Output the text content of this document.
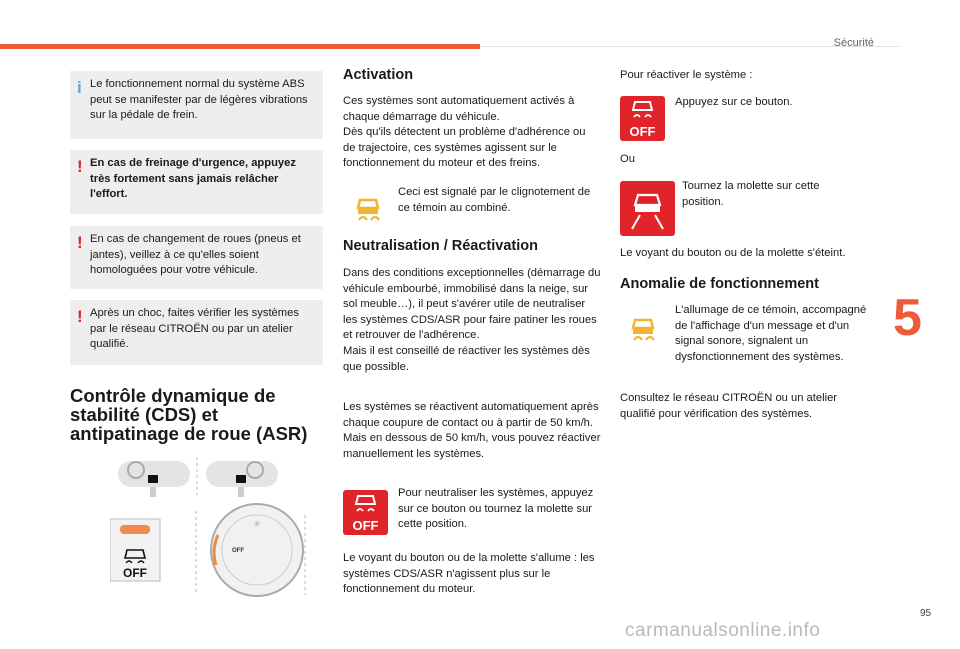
Sécurité
i Le fonctionnement normal du système ABS peut se manifester par de légères vibrations sur la pédale de frein.
! En cas de freinage d'urgence, appuyez très fortement sans jamais relâcher l'effort.
! En cas de changement de roues (pneus et jantes), veillez à ce qu'elles soient homologuées pour votre véhicule.
! Après un choc, faites vérifier les systèmes par le réseau CITROËN ou par un atelier qualifié.
Contrôle dynamique de stabilité (CDS) et antipatinage de roue (ASR)
OFF
OFF
✳
Activation
Ces systèmes sont automatiquement activés à chaque démarrage du véhicule.
Dès qu'ils détectent un problème d'adhérence ou de trajectoire, ces systèmes agissent sur le fonctionnement du moteur et des freins.
Ceci est signalé par le clignotement de ce témoin au combiné.
Neutralisation / Réactivation
Dans des conditions exceptionnelles (démarrage du véhicule embourbé, immobilisé dans la neige, sur sol meuble…), il peut s'avérer utile de neutraliser les systèmes CDS/ASR pour faire patiner les roues et retrouver de l'adhérence.
Mais il est conseillé de réactiver les systèmes dès que possible.
Les systèmes se réactivent automatiquement après chaque coupure de contact ou à partir de 50 km/h.
Mais en dessous de 50 km/h, vous pouvez réactiver manuellement les systèmes.
OFF
Pour neutraliser les systèmes, appuyez sur ce bouton ou tournez la molette sur cette position.
Le voyant du bouton ou de la molette s'allume : les systèmes CDS/ASR n'agissent plus sur le fonctionnement du moteur.
Pour réactiver le système :
OFF
Appuyez sur ce bouton.
Ou
Tournez la molette sur cette position.
Le voyant du bouton ou de la molette s'éteint.
Anomalie de fonctionnement
L'allumage de ce témoin, accompagné de l'affichage d'un message et d'un signal sonore, signalent un dysfonctionnement des systèmes.
Consultez le réseau CITROËN ou un atelier qualifié pour vérification des systèmes.
5
95
carmanualsonline.info
